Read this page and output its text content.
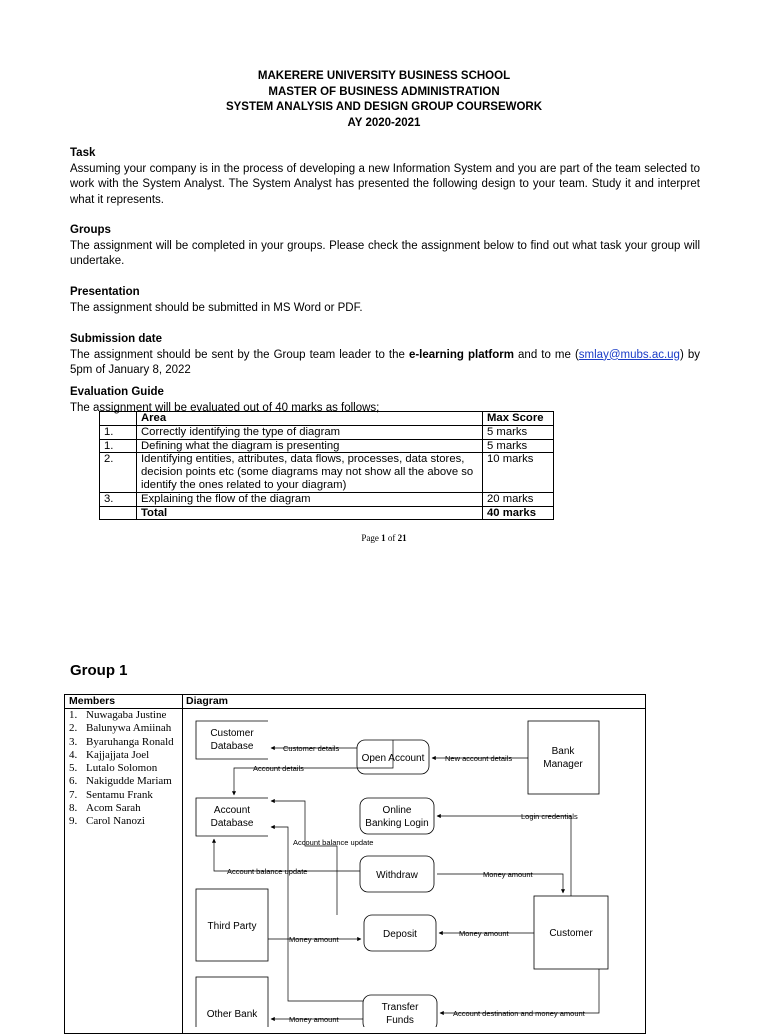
MAKERERE UNIVERSITY BUSINESS SCHOOL
MASTER OF BUSINESS ADMINISTRATION
SYSTEM ANALYSIS AND DESIGN GROUP COURSEWORK
AY 2020-2021
Task

Assuming your company is in the process of developing a new Information System and you are part of the team selected to work with the System Analyst. The System Analyst has presented the following design to your team. Study it and interpret what it represents.

Groups

The assignment will be completed in your groups. Please check the assignment below to find out what task your group will undertake.

Presentation

The assignment should be submitted in MS Word or PDF.

Submission date

The assignment should be sent by the Group team leader to the e-learning platform and to me (smlay@mubs.ac.ug) by 5pm of January 8, 2022

Evaluation Guide

The assignment will be evaluated out of 40 marks as follows;

	Area	Max Score
1.	Correctly identifying the type of diagram	5 marks
1.	Defining what the diagram is presenting	5 marks
2.	Identifying entities, attributes, data flows, processes, data stores, decision points etc (some diagrams may not show all the above so identify the ones related to your diagram)	10 marks
3.	Explaining the flow of the diagram	20 marks
	Total	40 marks
Page 1 of 21
Group 1
Members	Diagram
1. Nuwagaba Justine
2. Balunywa Amiinah
3. Byaruhanga Ronald
4. Kajjajjata Joel
5. Lutalo Solomon
6. Nakigudde Mariam
7. Sentamu Frank
8. Acom Sarah
9. Carol Nanozi
Customer
Database
Account
Database
Third Party
Other Bank
Bank
Manager
Customer
Open Account
Online
Banking Login
Withdraw
Deposit
Transfer
Funds
Customer details
New account details
Account details
Login credentials
Account balance update
Account balance update	Money amount
Money amount
Money amount
Money amount
Account destination and money amount
